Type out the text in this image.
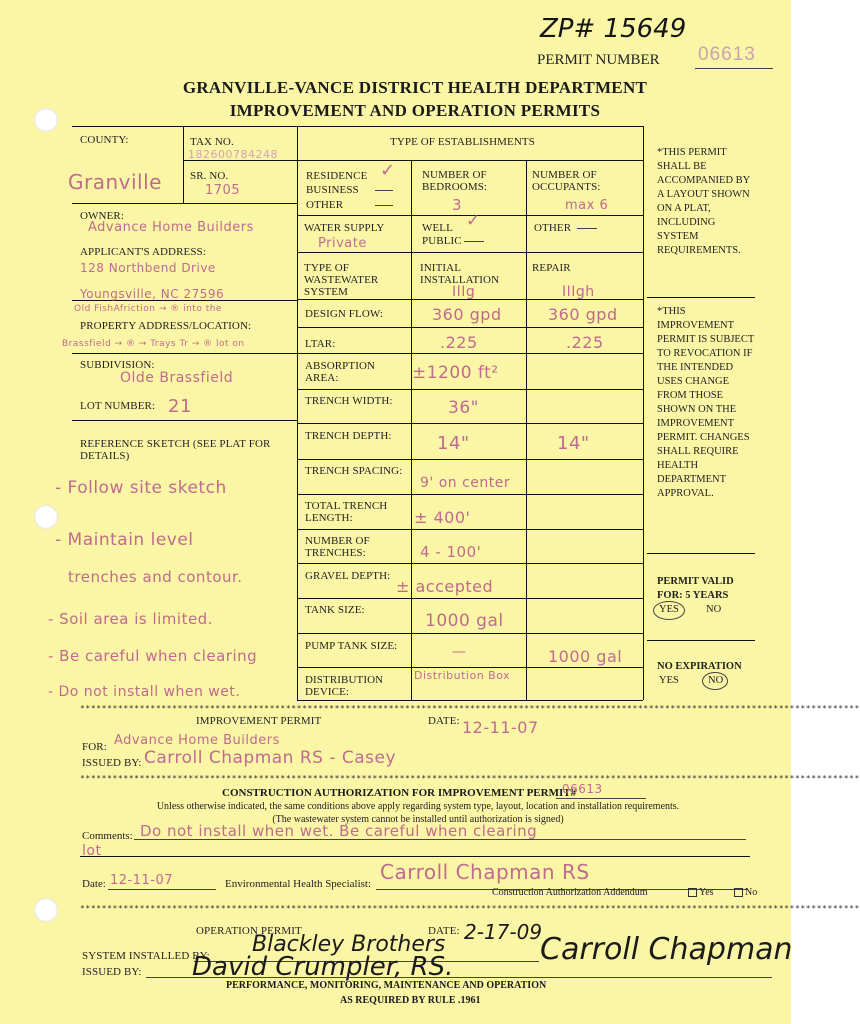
ZP# 15649
PERMIT NUMBER 06613
GRANVILLE-VANCE DISTRICT HEALTH DEPARTMENT
IMPROVEMENT AND OPERATION PERMITS
COUNTY:
Granville
TAX NO.
182600784248
SR. NO.
1705
OWNER:
Advance Home Builders
APPLICANT'S ADDRESS:
128 Northbend Drive
Youngsville, NC 27596
Old FishAfriction → ® into the
PROPERTY ADDRESS/LOCATION:
Brassfield → ® → Trays Tr → ® lot on
SUBDIVISION:
Olde Brassfield
LOT NUMBER: 21
REFERENCE SKETCH (SEE PLAT FOR DETAILS)
- Follow site sketch
- Maintain level
trenches and contour.
- Soil area is limited.
- Be careful when clearing
- Do not install when wet.
TYPE OF ESTABLISHMENTS
RESIDENCE ✓
BUSINESS
OTHER
NUMBER OF BEDROOMS:
3
NUMBER OF OCCUPANTS:
max 6
WATER SUPPLY
Private
WELL ✓
PUBLIC
OTHER
TYPE OF WASTEWATER SYSTEM
INITIAL INSTALLATION
IIIg
REPAIR
IIIgh
DESIGN FLOW:	360 gpd	360 gpd
LTAR:	.225	.225
ABSORPTION AREA:	±1200 ft²
TRENCH WIDTH:	36"
TRENCH DEPTH:	14"	14"
TRENCH SPACING:
9' on center
TOTAL TRENCH LENGTH:	± 400'
NUMBER OF TRENCHES:	4 - 100'
GRAVEL DEPTH:
± accepted
TANK SIZE:
1000 gal
PUMP TANK SIZE:	—	1000 gal
DISTRIBUTION DEVICE:
Distribution Box
*THIS PERMIT SHALL BE ACCOMPANIED BY A LAYOUT SHOWN ON A PLAT, INCLUDING SYSTEM REQUIREMENTS.
*THIS IMPROVEMENT PERMIT IS SUBJECT TO REVOCATION IF THE INTENDED USES CHANGE FROM THOSE SHOWN ON THE IMPROVEMENT PERMIT. CHANGES SHALL REQUIRE HEALTH DEPARTMENT APPROVAL.
PERMIT VALID FOR: 5 YEARS
YES	NO
NO EXPIRATION
YES	NO
************************************************************************************************************************************************
IMPROVEMENT PERMIT	DATE: 12-11-07
FOR: Advance Home Builders
ISSUED BY: Carroll Chapman RS - Casey
************************************************************************************************************************************************
CONSTRUCTION AUTHORIZATION FOR IMPROVEMENT PERMIT#
06613
Unless otherwise indicated, the same conditions above apply regarding system type, layout, location and installation requirements.
(The wastewater system cannot be installed until authorization is signed)
Comments: Do not install when wet. Be careful when clearing
lot
Date: 12-11-07	Environmental Health Specialist: Carroll Chapman RS
Construction Authorization Addendum	Yes	No
************************************************************************************************************************************************
OPERATION PERMIT	DATE: 2-17-09
SYSTEM INSTALLED BY: Blackley Brothers
ISSUED BY: David Crumpler, RS.	Carroll Chapman
PERFORMANCE, MONITORING, MAINTENANCE AND OPERATION
AS REQUIRED BY RULE .1961
